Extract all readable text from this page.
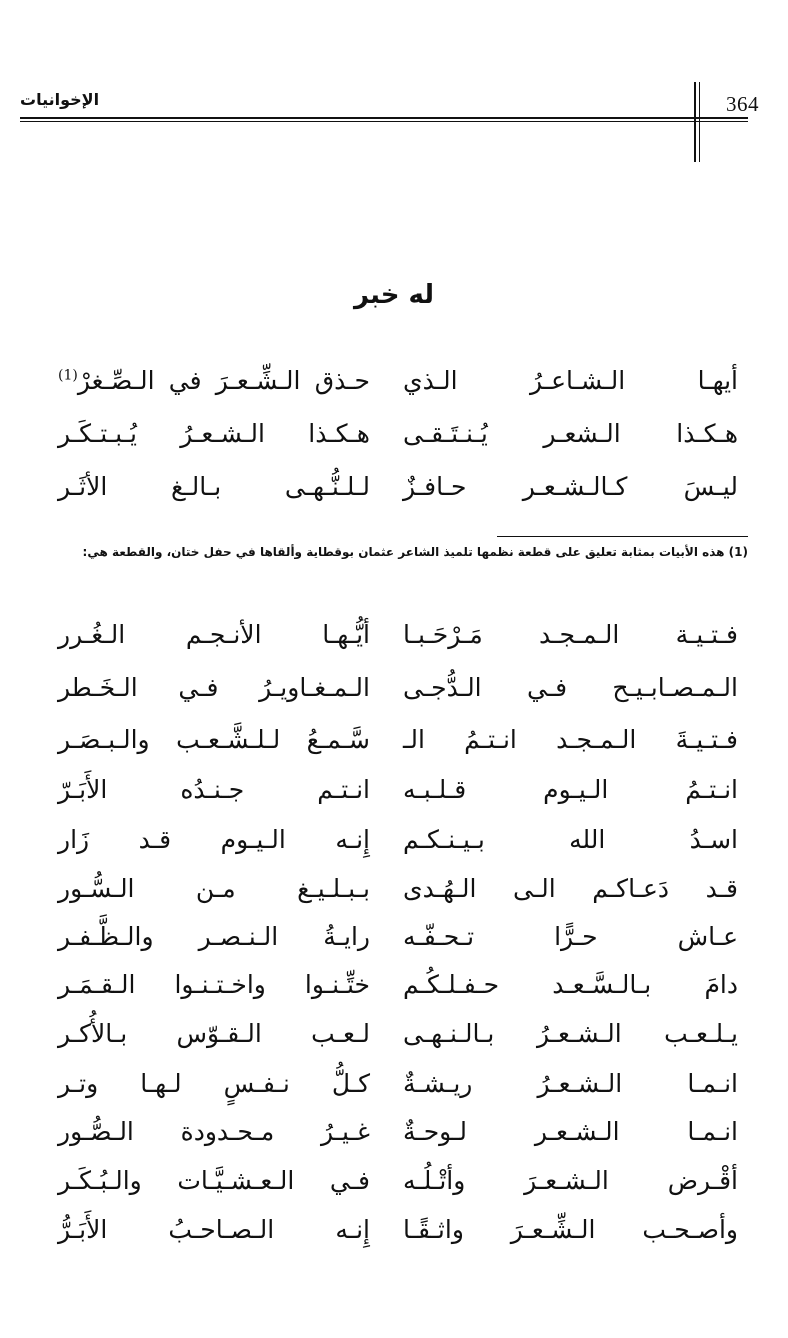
الإخوانيات	364
له خبر
أيهـا الـشـاعـرُ الـذي
حـذق الـشِّـعـرَ في الـصِّـغرْ$^{(1)}$
هـكـذا الـشعـر يُـنـتَـقـى
هـكـذا الـشـعـرُ يُـبـتـكَـر
ليـسَ كـالـشـعـر حـافـزٌ
لـلـنُّـهـى بـالـغ الأثَـر
(1) هذه الأبيات بمثابة تعليق على قطعة نظمها تلميذ الشاعر عثمان بوقطاية وألقاها في حفل ختان، والقطعة هي:
فـتـيـة الـمـجـد مَـرْحَـبـا
أيُّـهـا الأنـجـم الـغُـرر
الـمـصـابـيـح فـي الـدُّجـى
الـمـغـاويـرُ فـي الـخَـطر
فـتـيـةَ الـمـجـد انـتـمُ الـ
سَّـمـعُ لـلـشَّـعـب والـبـصَـر
انـتـمُ الـيـوم قـلـبـه
انـتـم جـنـدُه الأَبَـرّ
اسـدُ الله بـيـنـكـم
إِنـه الـيـوم قـد زَار
قـد دَعـاكـم الـى الـهُـدى
بـبـلـيـغ مـن الـسُّـور
عـاش حـرًّا تـحـفّـه
رايـةُ الـنـصـر والـظَّـفـر
دامَ بـالـسَّـعـد حـفـلـكُـم
ختِّـنـوا واخـتـنـوا الـقـمَـر
يـلـعـب الـشـعـرُ بـالـنـهـى
لـعـب الـقـوّس بـالأُكـر
انـمـا الـشـعـرُ ريـشـةٌ
كـلُّ نـفـسٍ لـهـا وتـر
انـمـا الـشـعـر لـوحـةٌ
غـيـرُ مـحـدودة الـصُّـور
أقْـرض الـشـعـرَ وأتْـلُـه
فـي الـعـشـيَّـات والـبُـكَـر
وأصـحـب الـشِّـعـرَ واثـقًـا
إِنـه الـصـاحـبُ الأَبَـرُّ
